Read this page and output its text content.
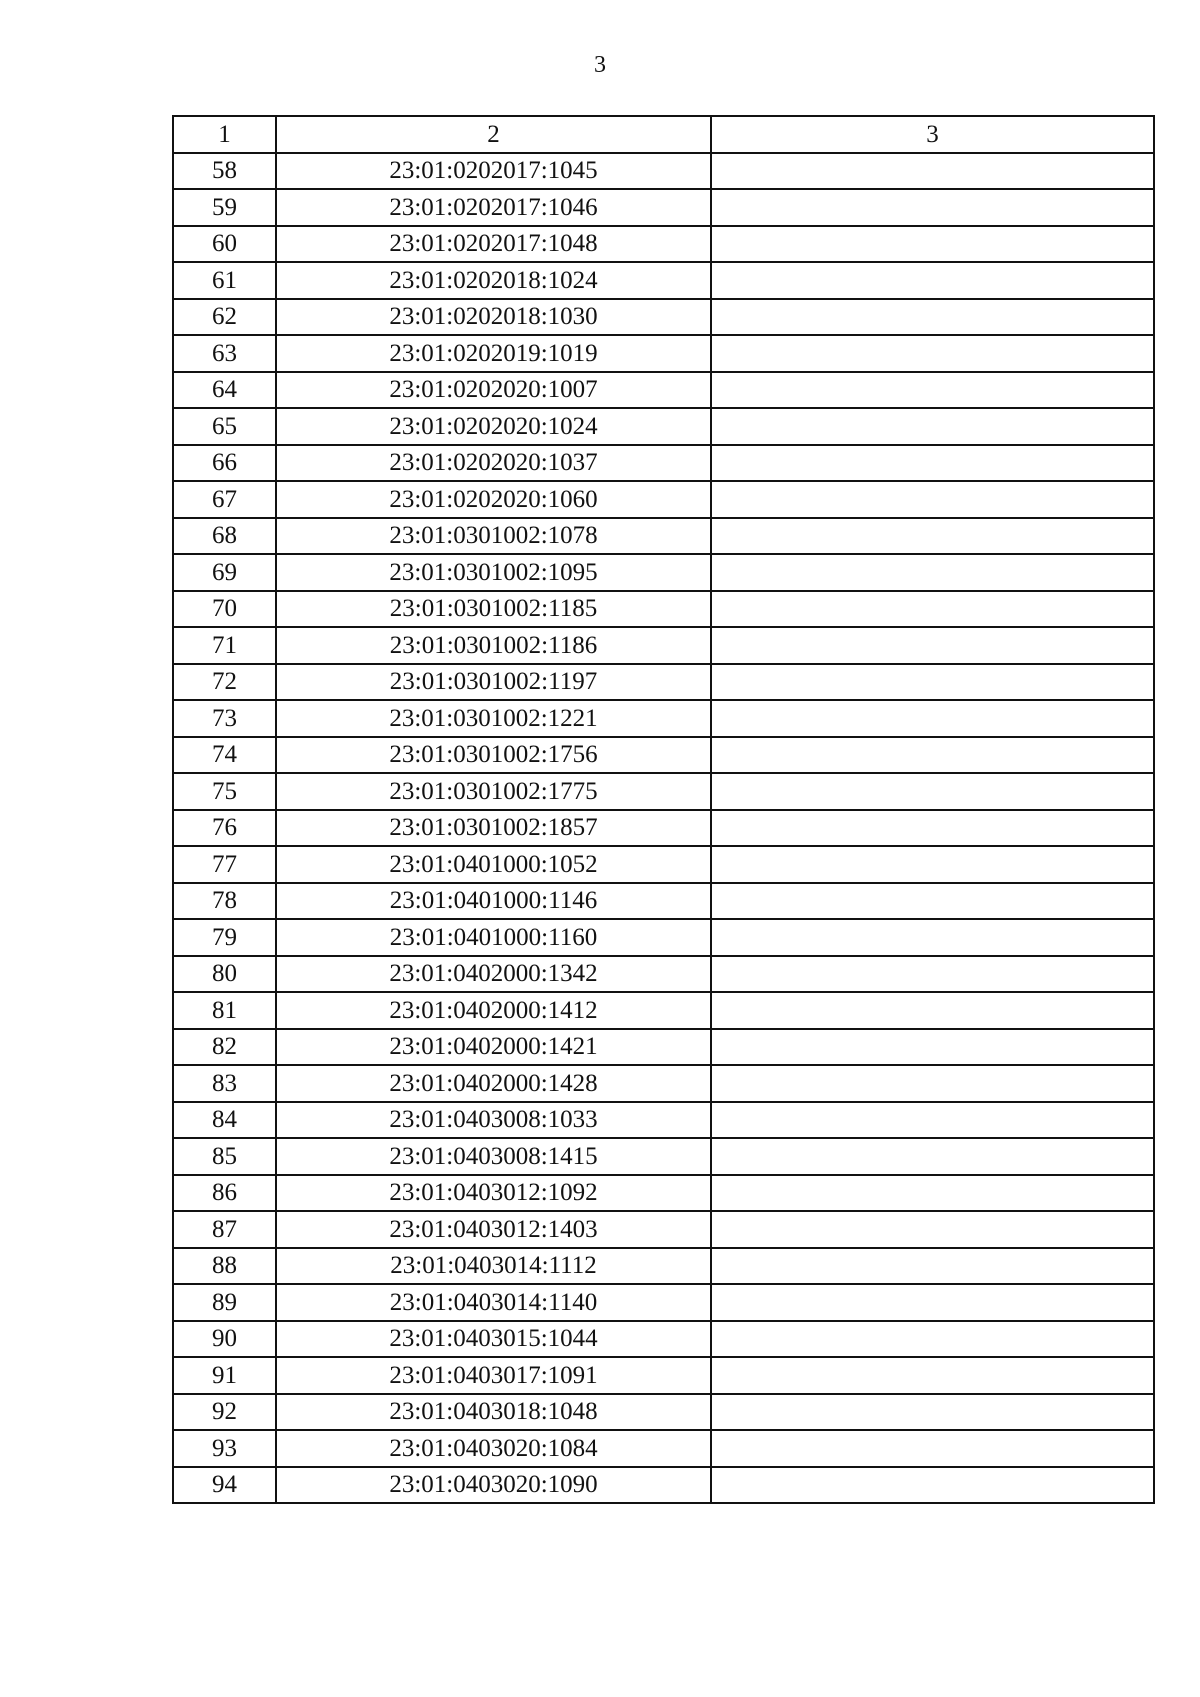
3
1	2	3
58	23:01:0202017:1045	
59	23:01:0202017:1046	
60	23:01:0202017:1048	
61	23:01:0202018:1024	
62	23:01:0202018:1030	
63	23:01:0202019:1019	
64	23:01:0202020:1007	
65	23:01:0202020:1024	
66	23:01:0202020:1037	
67	23:01:0202020:1060	
68	23:01:0301002:1078	
69	23:01:0301002:1095	
70	23:01:0301002:1185	
71	23:01:0301002:1186	
72	23:01:0301002:1197	
73	23:01:0301002:1221	
74	23:01:0301002:1756	
75	23:01:0301002:1775	
76	23:01:0301002:1857	
77	23:01:0401000:1052	
78	23:01:0401000:1146	
79	23:01:0401000:1160	
80	23:01:0402000:1342	
81	23:01:0402000:1412	
82	23:01:0402000:1421	
83	23:01:0402000:1428	
84	23:01:0403008:1033	
85	23:01:0403008:1415	
86	23:01:0403012:1092	
87	23:01:0403012:1403	
88	23:01:0403014:1112	
89	23:01:0403014:1140	
90	23:01:0403015:1044	
91	23:01:0403017:1091	
92	23:01:0403018:1048	
93	23:01:0403020:1084	
94	23:01:0403020:1090	
